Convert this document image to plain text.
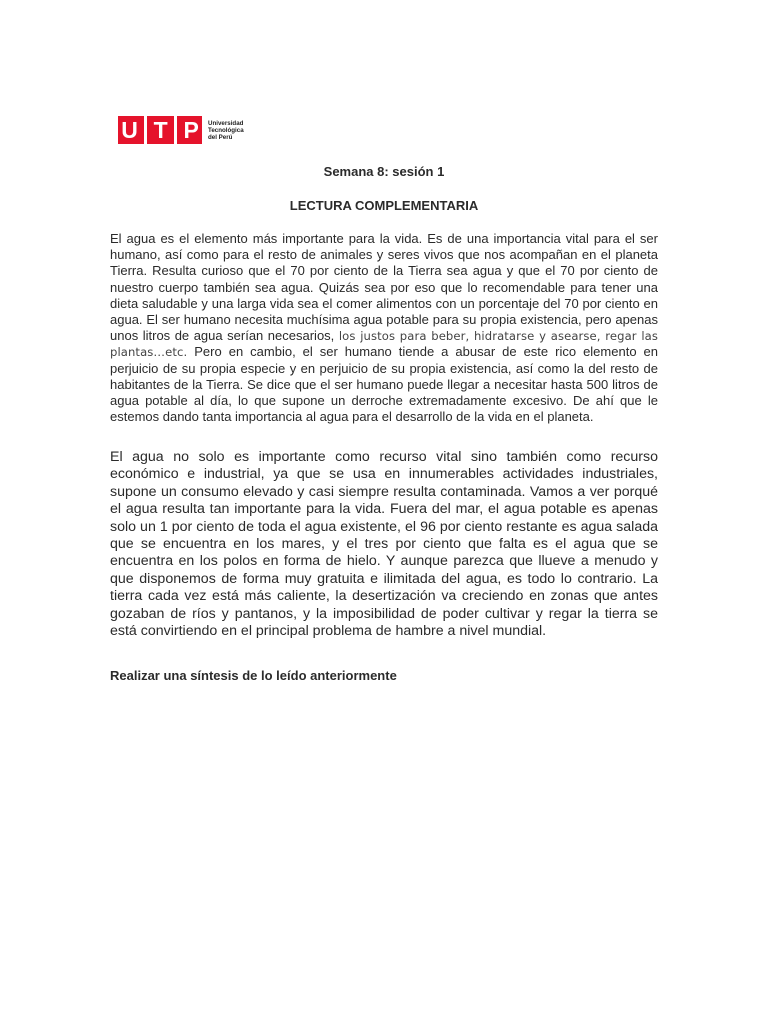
U T P Universidad
Tecnológica
del Perú

Semana 8: sesión 1

LECTURA COMPLEMENTARIA

El agua es el elemento más importante para la vida. Es de una importancia vital para el ser humano, así como para el resto de animales y seres vivos que nos acompañan en el planeta Tierra. Resulta curioso que el 70 por ciento de la Tierra sea agua y que el 70 por ciento de nuestro cuerpo también sea agua. Quizás sea por eso que lo recomendable para tener una dieta saludable y una larga vida sea el comer alimentos con un porcentaje del 70 por ciento en agua. El ser humano necesita muchísima agua potable para su propia existencia, pero apenas unos litros de agua serían necesarios, los justos para beber, hidratarse y asearse, regar las plantas…etc. Pero en cambio, el ser humano tiende a abusar de este rico elemento en perjuicio de su propia especie y en perjuicio de su propia existencia, así como la del resto de habitantes de la Tierra. Se dice que el ser humano puede llegar a necesitar hasta 500 litros de agua potable al día, lo que supone un derroche extremadamente excesivo. De ahí que le estemos dando tanta importancia al agua para el desarrollo de la vida en el planeta.

El agua no solo es importante como recurso vital sino también como recurso económico e industrial, ya que se usa en innumerables actividades industriales, supone un consumo elevado y casi siempre resulta contaminada. Vamos a ver porqué el agua resulta tan importante para la vida. Fuera del mar, el agua potable es apenas solo un 1 por ciento de toda el agua existente, el 96 por ciento restante es agua salada que se encuentra en los mares, y el tres por ciento que falta es el agua que se encuentra en los polos en forma de hielo. Y aunque parezca que llueve a menudo y que disponemos de forma muy gratuita e ilimitada del agua, es todo lo contrario. La tierra cada vez está más caliente, la desertización va creciendo en zonas que antes gozaban de ríos y pantanos, y la imposibilidad de poder cultivar y regar la tierra se está convirtiendo en el principal problema de hambre a nivel mundial.

Realizar una síntesis de lo leído anteriormente
